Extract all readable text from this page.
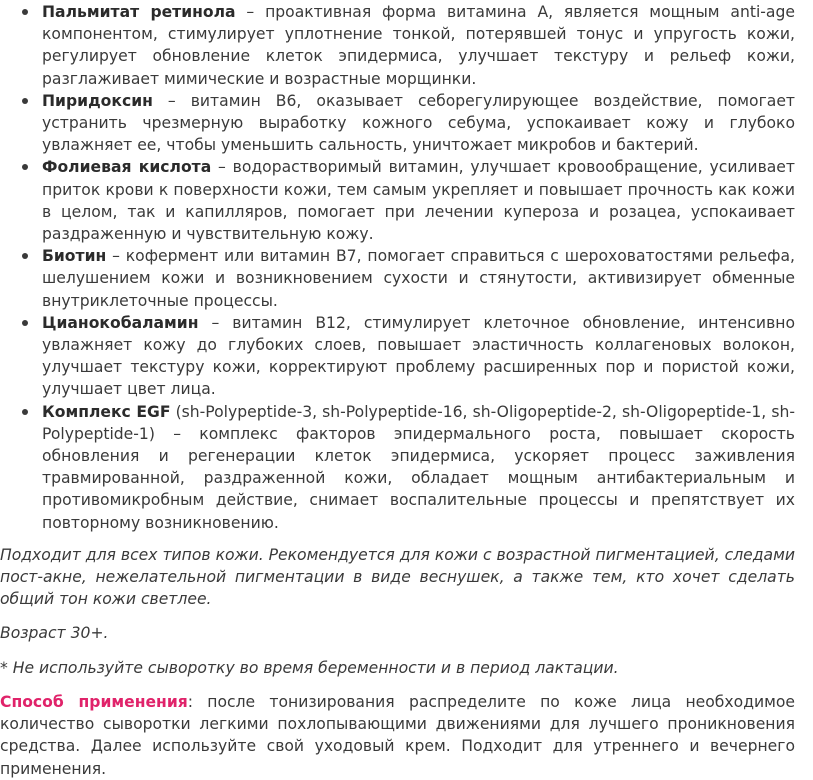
Пальмитат ретинола – проактивная форма витамина А, является мощным anti-age компонентом, стимулирует уплотнение тонкой, потерявшей тонус и упругость кожи, регулирует обновление клеток эпидермиса, улучшает текстуру и рельеф кожи, разглаживает мимические и возрастные морщинки.
Пиридоксин – витамин В6, оказывает себорегулирующее воздействие, помогает устранить чрезмерную выработку кожного себума, успокаивает кожу и глубоко увлажняет ее, чтобы уменьшить сальность, уничтожает микробов и бактерий.
Фолиевая кислота – водорастворимый витамин, улучшает кровообращение, усиливает приток крови к поверхности кожи, тем самым укрепляет и повышает прочность как кожи в целом, так и капилляров, помогает при лечении купероза и розацеа, успокаивает раздраженную и чувствительную кожу.
Биотин – кофермент или витамин В7, помогает справиться с шероховатостями рельефа, шелушением кожи и возникновением сухости и стянутости, активизирует обменные внутриклеточные процессы.
Цианокобаламин – витамин В12, стимулирует клеточное обновление, интенсивно увлажняет кожу до глубоких слоев, повышает эластичность коллагеновых волокон, улучшает текстуру кожи, корректируют проблему расширенных пор и пористой кожи, улучшает цвет лица.
Комплекс EGF (sh-Polypeptide-3, sh-Polypeptide-16, sh-Oligopeptide-2, sh-Oligopeptide-1, sh-Polypeptide-1) – комплекс факторов эпидермального роста, повышает скорость обновления и регенерации клеток эпидермиса, ускоряет процесс заживления травмированной, раздраженной кожи, обладает мощным антибактериальным и противомикробным действие, снимает воспалительные процессы и препятствует их повторному возникновению.

Подходит для всех типов кожи. Рекомендуется для кожи с возрастной пигментацией, следами пост-акне, нежелательной пигментации в виде веснушек, а также тем, кто хочет сделать общий тон кожи светлее.

Возраст 30+.

* Не используйте сыворотку во время беременности и в период лактации.

Способ применения: после тонизирования распределите по коже лица необходимое количество сыворотки легкими похлопывающими движениями для лучшего проникновения средства. Далее используйте свой уходовый крем. Подходит для утреннего и вечернего применения.
